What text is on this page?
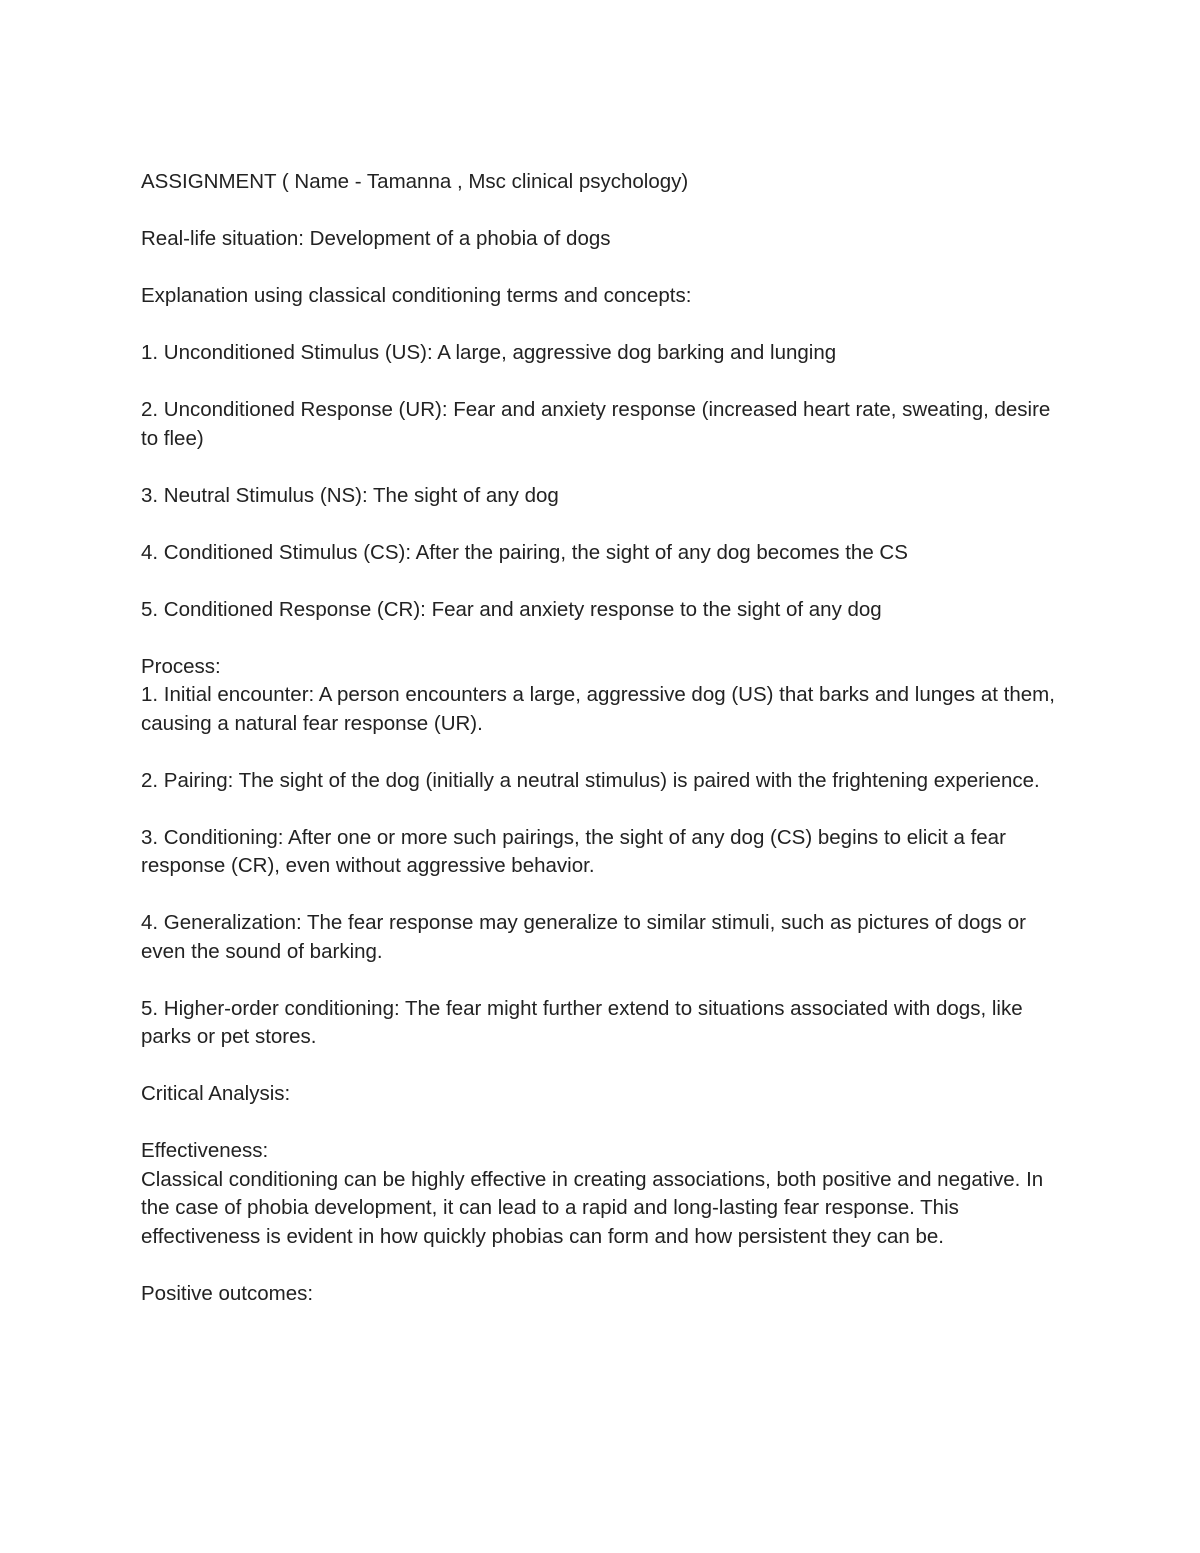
ASSIGNMENT ( Name - Tamanna , Msc clinical psychology)

Real-life situation: Development of a phobia of dogs

Explanation using classical conditioning terms and concepts:

1. Unconditioned Stimulus (US): A large, aggressive dog barking and lunging

2. Unconditioned Response (UR): Fear and anxiety response (increased heart rate, sweating, desire to flee)

3. Neutral Stimulus (NS): The sight of any dog

4. Conditioned Stimulus (CS): After the pairing, the sight of any dog becomes the CS

5. Conditioned Response (CR): Fear and anxiety response to the sight of any dog

Process:

1. Initial encounter: A person encounters a large, aggressive dog (US) that barks and lunges at them, causing a natural fear response (UR).

2. Pairing: The sight of the dog (initially a neutral stimulus) is paired with the frightening experience.

3. Conditioning: After one or more such pairings, the sight of any dog (CS) begins to elicit a fear response (CR), even without aggressive behavior.

4. Generalization: The fear response may generalize to similar stimuli, such as pictures of dogs or even the sound of barking.

5. Higher-order conditioning: The fear might further extend to situations associated with dogs, like parks or pet stores.

Critical Analysis:

Effectiveness:

Classical conditioning can be highly effective in creating associations, both positive and negative. In the case of phobia development, it can lead to a rapid and long-lasting fear response. This effectiveness is evident in how quickly phobias can form and how persistent they can be.

Positive outcomes:
